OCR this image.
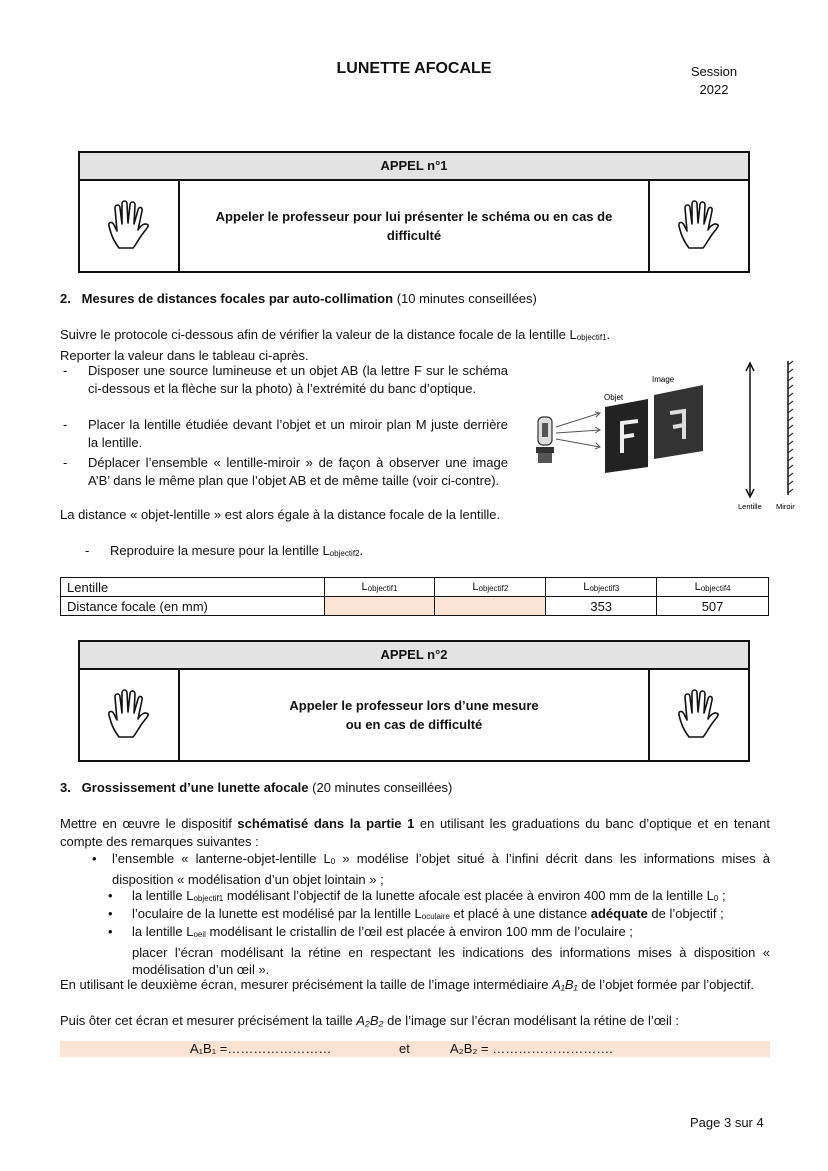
LUNETTE AFOCALE	Session
2022
APPEL n°1
Appeler le professeur pour lui présenter le schéma ou en cas de difficulté
2.   Mesures de distances focales par auto-collimation (10 minutes conseillées)
Suivre le protocole ci-dessous afin de vérifier la valeur de la distance focale de la lentille $L_{objectif1}$.
Reporter la valeur dans le tableau ci-après.
- Disposer une source lumineuse et un objet AB (la lettre F sur le schéma ci-dessous et la flèche sur la photo) à l’extrémité du banc d’optique.
- Placer la lentille étudiée devant l’objet et un miroir plan M juste derrière la lentille.
- Déplacer l’ensemble « lentille-miroir » de façon à observer une image A’B’ dans le même plan que l’objet AB et de même taille (voir ci-contre).
La distance « objet-lentille » est alors égale à la distance focale de la lentille.
- Reproduire la mesure pour la lentille $L_{objectif2}$.
Objet
Image
Lentille Miroir
Lentille	$L_{objectif1}$	$L_{objectif2}$	$L_{objectif3}$	$L_{objectif4}$
Distance focale (en mm)			353	507
APPEL n°2
Appeler le professeur lors d’une mesure
ou en cas de difficulté
3.   Grossissement d’une lunette afocale (20 minutes conseillées)
Mettre en œuvre le dispositif schématisé dans la partie 1 en utilisant les graduations du banc d’optique et en tenant compte des remarques suivantes :
• l’ensemble « lanterne-objet-lentille $L_0$ » modélise l’objet situé à l’infini décrit dans les informations mises à disposition « modélisation d’un objet lointain » ;
• la lentille $L_{objectif1}$ modélisant l’objectif de la lunette afocale est placée à environ 400 mm de la lentille $L_0$ ;
• l’oculaire de la lunette est modélisé par la lentille $L_{oculaire}$ et placé à une distance adéquate de l’objectif ;
• la lentille $L_{oeil}$ modélisant le cristallin de l’œil est placée à environ 100 mm de l’oculaire ;
placer l’écran modélisant la rétine en respectant les indications des informations mises à disposition « modélisation d’un œil ».
En utilisant le deuxième écran, mesurer précisément la taille de l’image intermédiaire A₁B₁ de l’objet formée par l’objectif.
Puis ôter cet écran et mesurer précisément la taille A₂B₂ de l’image sur l’écran modélisant la rétine de l’œil :
A₁B₁ =……………………	et	A₂B₂ = ……………………….
Page 3 sur 4
